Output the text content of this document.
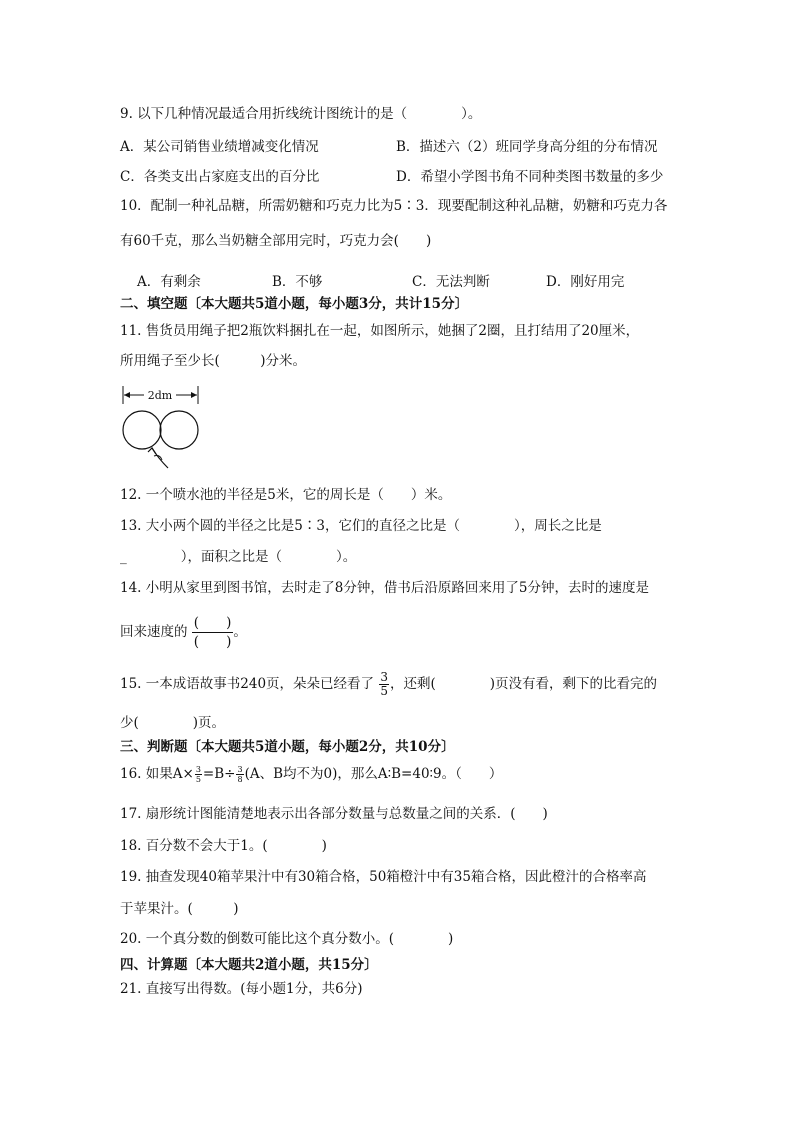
9. 以下几种情况最适合用折线统计图统计的是（　　　　）。
A．某公司销售业绩增减变化情况	B．描述六（2）班同学身高分组的分布情况
C．各类支出占家庭支出的百分比	D．希望小学图书角不同种类图书数量的多少
10．配制一种礼品糖，所需奶糖和巧克力比为5∶3．现要配制这种礼品糖，奶糖和巧克力各
有60千克，那么当奶糖全部用完时，巧克力会(　　)
A．有剩余	B．不够	C．无法判断	D．刚好用完
二、填空题〔本大题共5道小题，每小题3分，共计15分〕
11. 售货员用绳子把2瓶饮料捆扎在一起，如图所示，她捆了2圈，且打结用了20厘米，
所用绳子至少长(　　　)分米。
2dm
12. 一个喷水池的半径是5米，它的周长是（　　）米。
13. 大小两个圆的半径之比是5∶3，它们的直径之比是（　　　　），周长之比是
_　　　　），面积之比是（　　　　）。
14. 小明从家里到图书馆，去时走了8分钟，借书后沿原路回来用了5分钟，去时的速度是
回来速度的
(　　)
(　　)
。
15. 一本成语故事书240页，朵朵已经看了 $\frac{3}{5}$ ，还剩(　　　　)页没有看，剩下的比看完的
少(　　　　)页。
三、判断题〔本大题共5道小题，每小题2分，共10分〕
16. 如果$A\times \frac{3}{5} =B\div \frac{3}{8} (A$、B均不为0)，那么A∶B=40∶9。（　　）
17. 扇形统计图能清楚地表示出各部分数量与总数量之间的关系．(　　)
18. 百分数不会大于1。(　　　　)
19. 抽查发现40箱苹果汁中有30箱合格，50箱橙汁中有35箱合格，因此橙汁的合格率高
于苹果汁。(　　　)
20. 一个真分数的倒数可能比这个真分数小。(　　　　)
四、计算题〔本大题共2道小题，共15分〕
21. 直接写出得数。(每小题1分，共6分)
